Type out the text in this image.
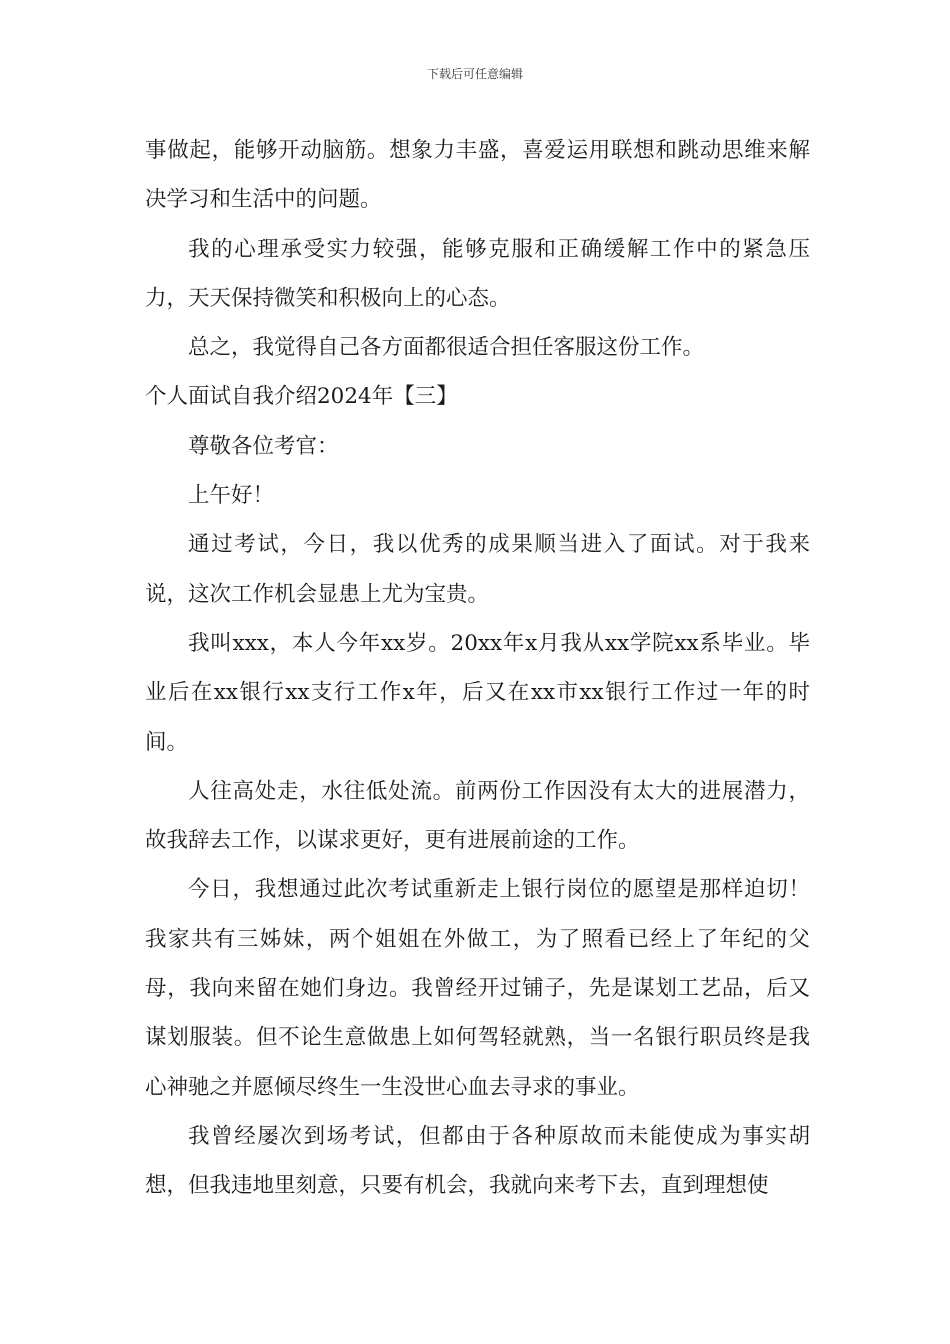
下载后可任意编辑

事做起，能够开动脑筋。想象力丰盛，喜爱运用联想和跳动思维来解决学习和生活中的问题。

我的心理承受实力较强，能够克服和正确缓解工作中的紧急压力，天天保持微笑和积极向上的心态。

总之，我觉得自己各方面都很适合担任客服这份工作。

个人面试自我介绍2024年【三】

尊敬各位考官：

上午好！

通过考试，今日，我以优秀的成果顺当进入了面试。对于我来说，这次工作机会显患上尤为宝贵。

我叫xxx，本人今年xx岁。20xx年x月我从xx学院xx系毕业。毕业后在xx银行xx支行工作x年，后又在xx市xx银行工作过一年的时间。

人往高处走，水往低处流。前两份工作因没有太大的进展潜力，故我辞去工作，以谋求更好，更有进展前途的工作。

今日，我想通过此次考试重新走上银行岗位的愿望是那样迫切！我家共有三姊妹，两个姐姐在外做工，为了照看已经上了年纪的父母，我向来留在她们身边。我曾经开过铺子，先是谋划工艺品，后又谋划服装。但不论生意做患上如何驾轻就熟，当一名银行职员终是我心神驰之并愿倾尽终生一生没世心血去寻求的事业。

我曾经屡次到场考试，但都由于各种原故而未能使成为事实胡想，但我违地里刻意，只要有机会，我就向来考下去，直到理想使
